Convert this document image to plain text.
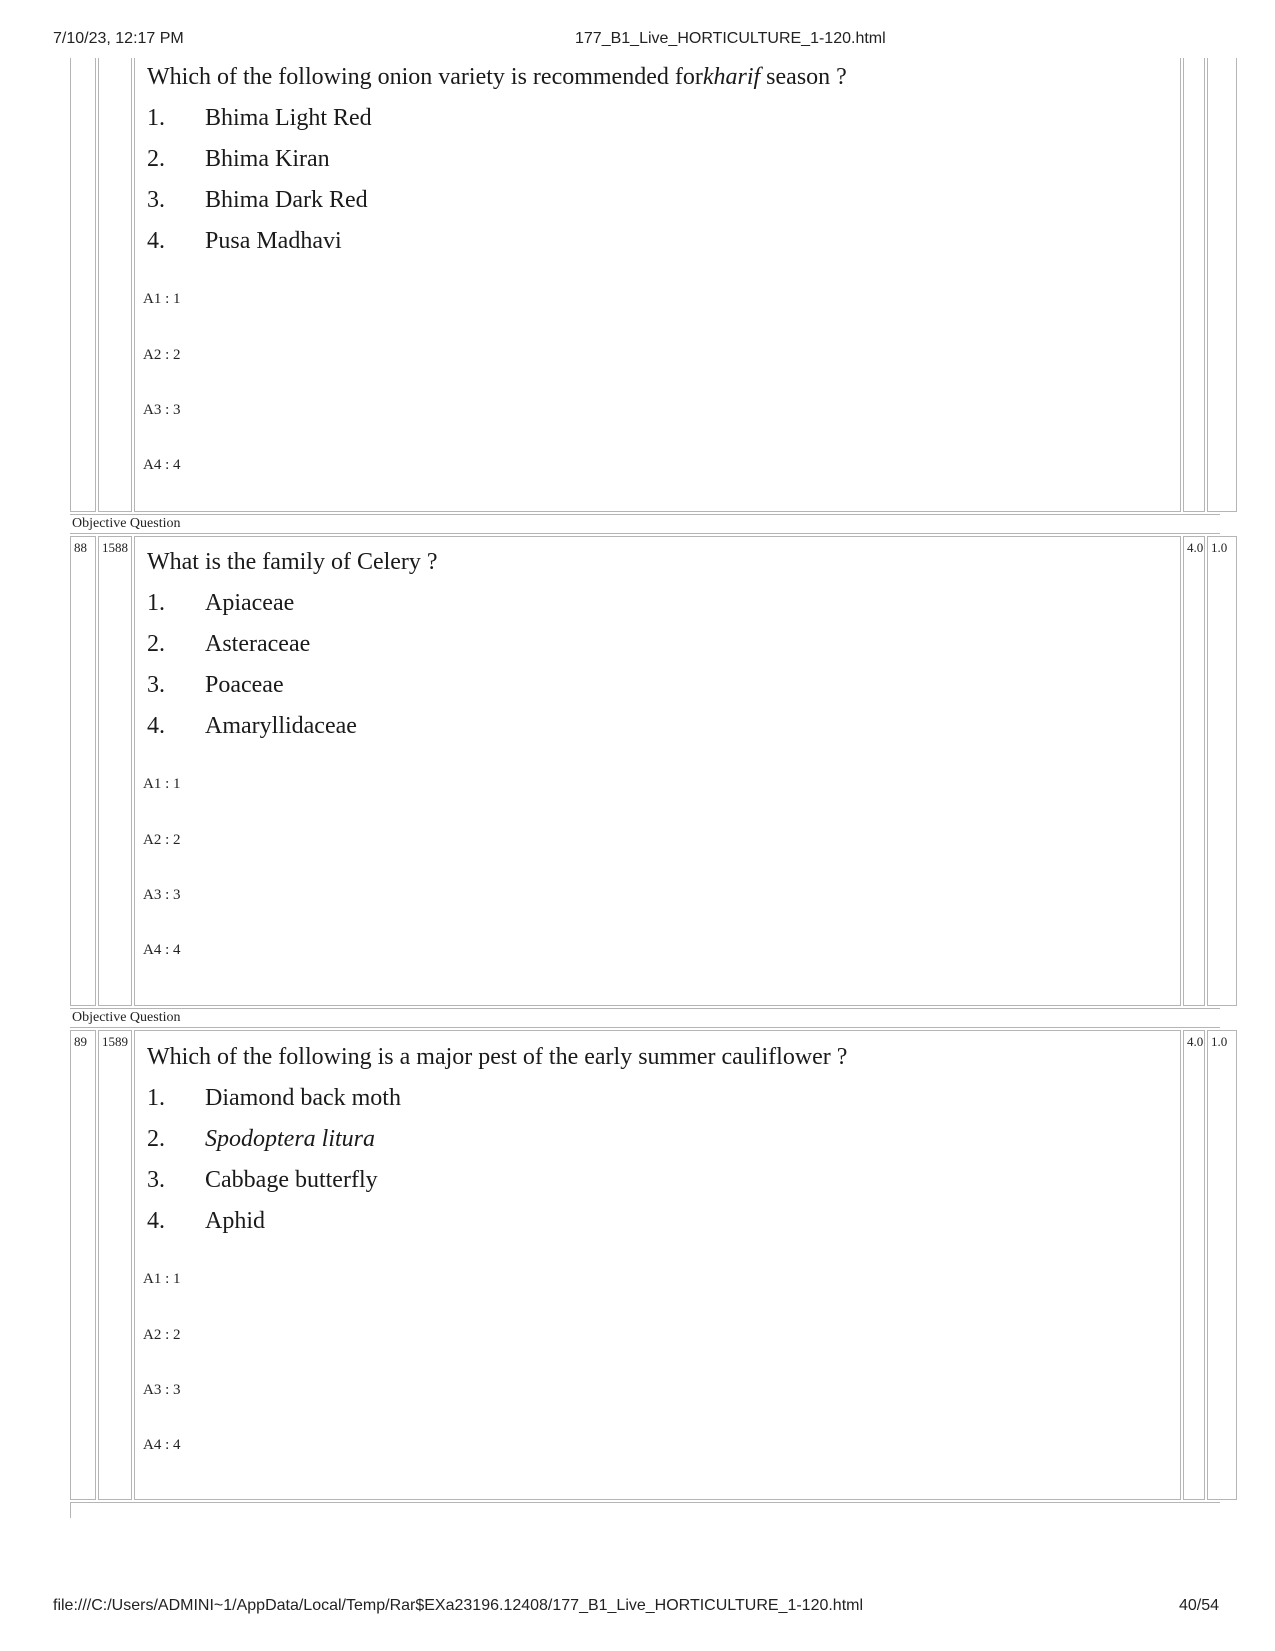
7/10/23, 12:17 PM	177_B1_Live_HORTICULTURE_1-120.html
Which of the following onion variety is recommended forkharif season ?
1. Bhima Light Red
2. Bhima Kiran
3. Bhima Dark Red
4. Pusa Madhavi
A1 : 1
A2 : 2
A3 : 3
A4 : 4
Objective Question
88 1588
What is the family of Celery ?
1. Apiaceae
2. Asteraceae
3. Poaceae
4. Amaryllidaceae
A1 : 1
A2 : 2
A3 : 3
A4 : 4
4.0 1.0
Objective Question
89 1589
Which of the following is a major pest of the early summer cauliflower ?
1. Diamond back moth
2. Spodoptera litura
3. Cabbage butterfly
4. Aphid
A1 : 1
A2 : 2
A3 : 3
A4 : 4
4.0 1.0
file:///C:/Users/ADMINI~1/AppData/Local/Temp/Rar$EXa23196.12408/177_B1_Live_HORTICULTURE_1-120.html	40/54
